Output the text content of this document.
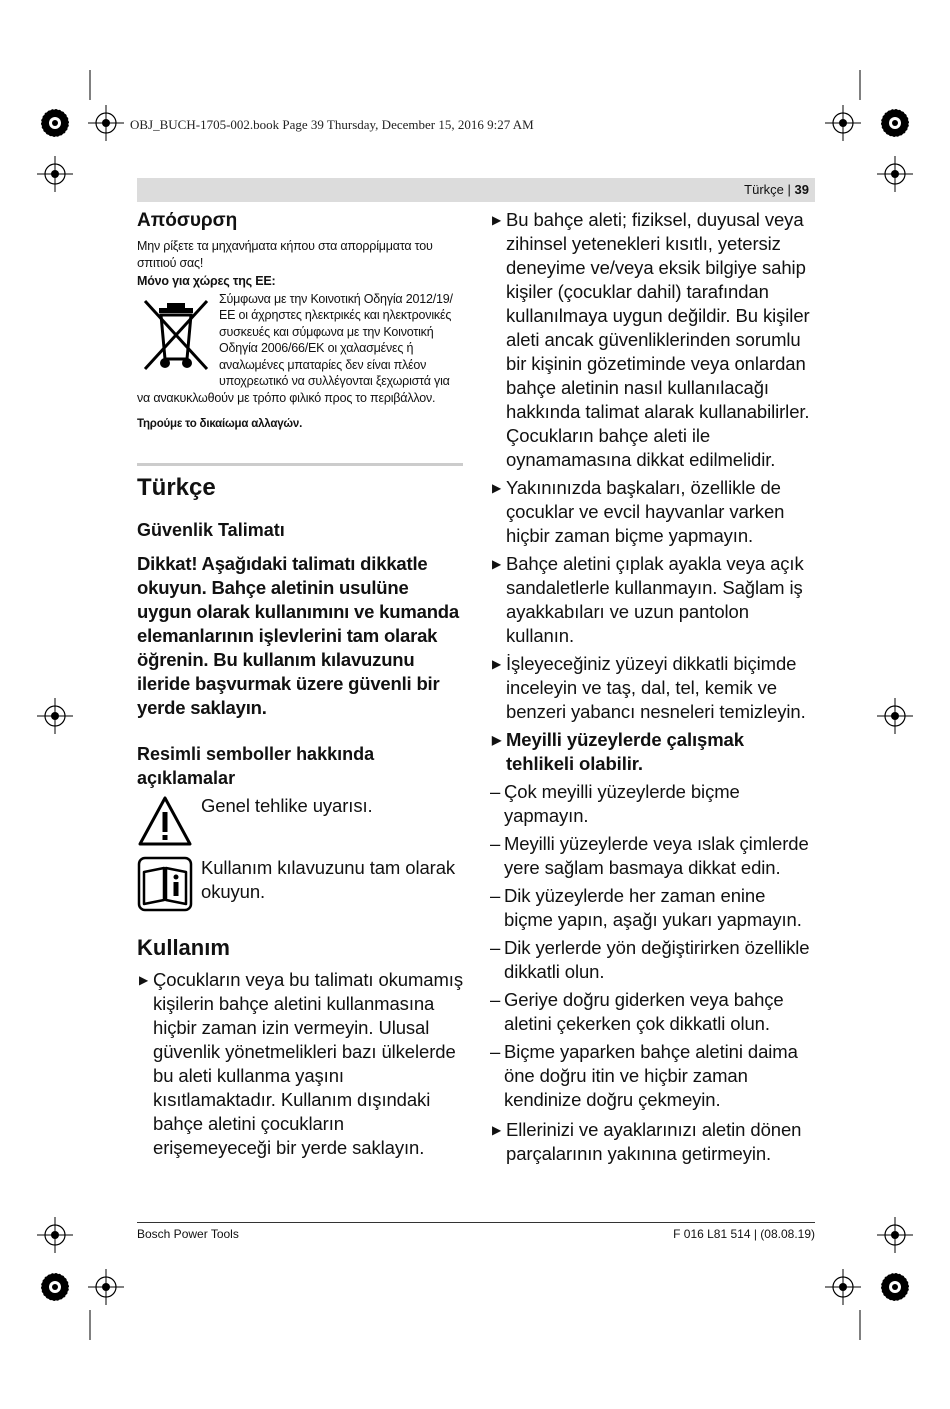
OBJ_BUCH-1705-002.book Page 39 Thursday, December 15, 2016 9:27 AM
Türkçe | 39
Απόσυρση
Μην ρίξετε τα μηχανήματα κήπου στα απορρίμματα του σπιτιού σας!
Μόνο για χώρες της ΕΕ:
Σύμφωνα με την Κοινοτική Οδηγία 2012/19/ΕΕ οι άχρηστες ηλεκτρικές και ηλεκτρονικές συσκευές και σύμφωνα με την Κοινοτική Οδηγία 2006/66/ΕΚ οι χαλασμένες ή αναλωμένες μπαταρίες δεν είναι πλέον υποχρεωτικό να συλλέγονται ξεχωριστά για να ανακυκλωθούν με τρόπο φιλικό προς το περιβάλλον.
Τηρούμε το δικαίωμα αλλαγών.
Türkçe
Güvenlik Talimatı
Dikkat! Aşağıdaki talimatı dikkatle okuyun. Bahçe aletinin usulüne uygun olarak kullanımını ve kumanda elemanlarının işlevlerini tam olarak öğrenin. Bu kullanım kılavuzunu ileride başvurmak üzere güvenli bir yerde saklayın.
Resimli semboller hakkında açıklamalar
Genel tehlike uyarısı.
Kullanım kılavuzunu tam olarak okuyun.
Kullanım
▶ Çocukların veya bu talimatı okumamış kişilerin bahçe aletini kullanmasına hiçbir zaman izin vermeyin. Ulusal güvenlik yönetmelikleri bazı ülkelerde bu aleti kullanma yaşını kısıtlamaktadır. Kullanım dışındaki bahçe aletini çocukların erişemeyeceği bir yerde saklayın.
▶ Bu bahçe aleti; fiziksel, duyusal veya zihinsel yetenekleri kısıtlı, yetersiz deneyime ve/veya eksik bilgiye sahip kişiler (çocuklar dahil) tarafından kullanılmaya uygun değildir. Bu kişiler aleti ancak güvenliklerinden sorumlu bir kişinin gözetiminde veya onlardan bahçe aletinin nasıl kullanılacağı hakkında talimat alarak kullanabilirler.
Çocukların bahçe aleti ile oynamamasına dikkat edilmelidir.
▶ Yakınınızda başkaları, özellikle de çocuklar ve evcil hayvanlar varken hiçbir zaman biçme yapmayın.
▶ Bahçe aletini çıplak ayakla veya açık sandaletlerle kullanmayın. Sağlam iş ayakkabıları ve uzun pantolon kullanın.
▶ İşleyeceğiniz yüzeyi dikkatli biçimde inceleyin ve taş, dal, tel, kemik ve benzeri yabancı nesneleri temizleyin.
▶ Meyilli yüzeylerde çalışmak tehlikeli olabilir.
– Çok meyilli yüzeylerde biçme yapmayın.
– Meyilli yüzeylerde veya ıslak çimlerde yere sağlam basmaya dikkat edin.
– Dik yüzeylerde her zaman enine biçme yapın, aşağı yukarı yapmayın.
– Dik yerlerde yön değiştirirken özellikle dikkatli olun.
– Geriye doğru giderken veya bahçe aletini çekerken çok dikkatli olun.
– Biçme yaparken bahçe aletini daima öne doğru itin ve hiçbir zaman kendinize doğru çekmeyin.
▶ Ellerinizi ve ayaklarınızı aletin dönen parçalarının yakınına getirmeyin.
Bosch Power Tools	F 016 L81 514 | (08.08.19)
